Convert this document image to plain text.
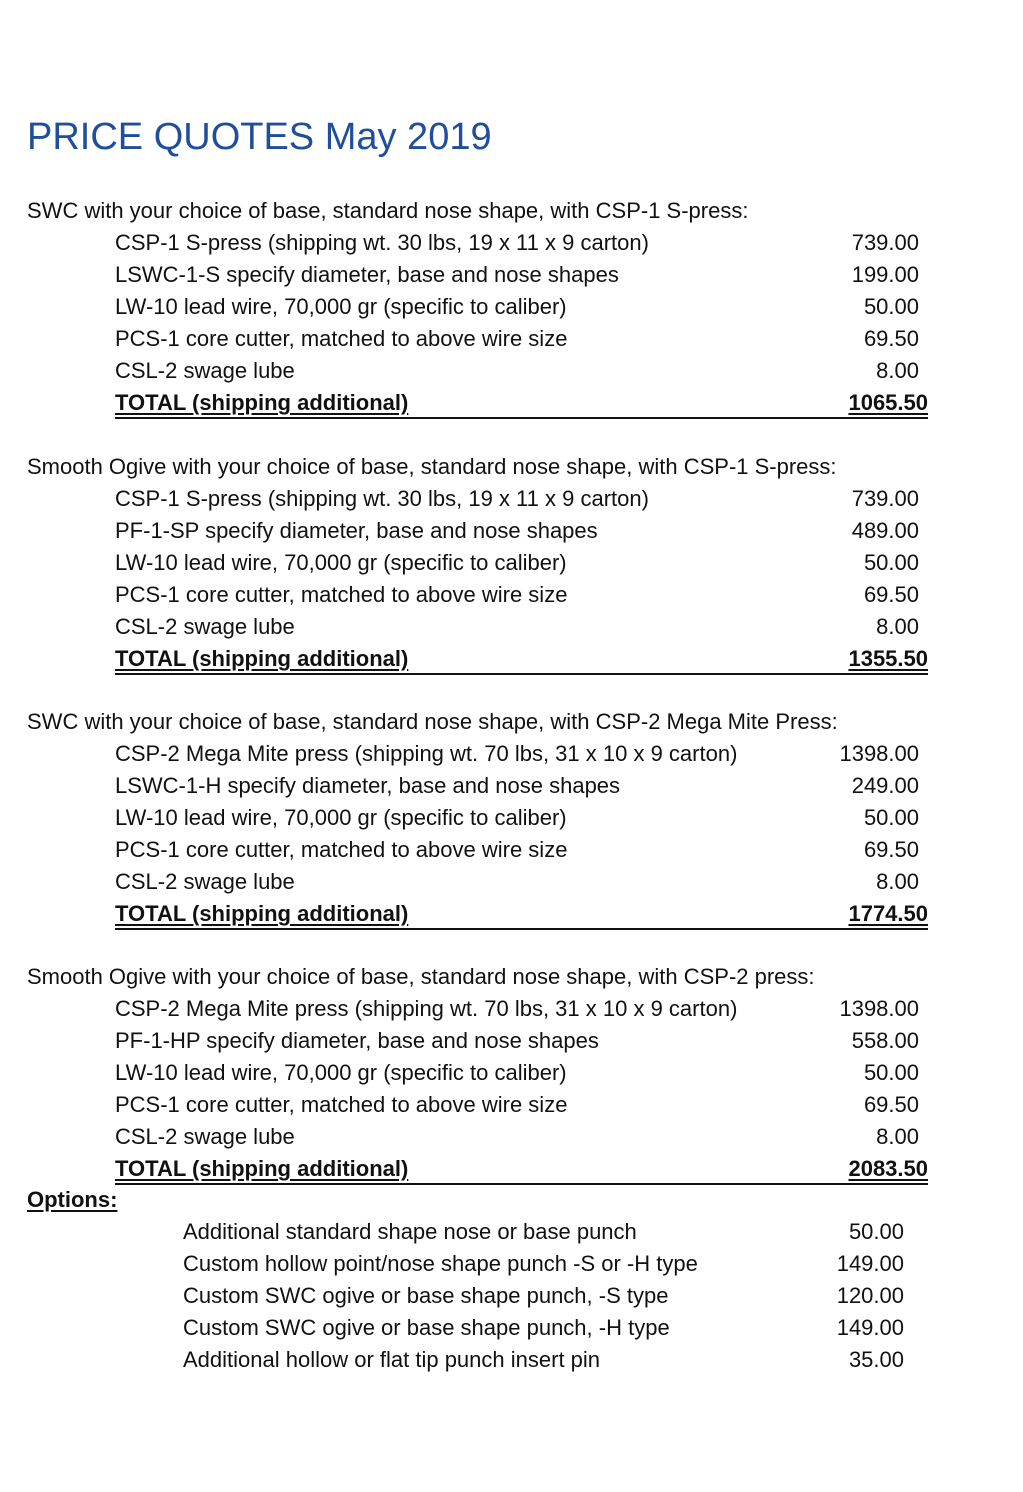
PRICE QUOTES May 2019
SWC with your choice of base, standard nose shape, with CSP-1 S-press:
CSP-1 S-press (shipping wt. 30 lbs, 19 x 11 x 9 carton)	739.00
LSWC-1-S specify diameter, base and nose shapes	199.00
LW-10 lead wire, 70,000 gr (specific to caliber)	50.00
PCS-1 core cutter, matched to above wire size	69.50
CSL-2 swage lube	8.00
TOTAL (shipping additional)	1065.50
Smooth Ogive with your choice of base, standard nose shape, with CSP-1 S-press:
CSP-1 S-press (shipping wt. 30 lbs, 19 x 11 x 9 carton)	739.00
PF-1-SP specify diameter, base and nose shapes	489.00
LW-10 lead wire, 70,000 gr (specific to caliber)	50.00
PCS-1 core cutter, matched to above wire size	69.50
CSL-2 swage lube	8.00
TOTAL (shipping additional)	1355.50
SWC with your choice of base, standard nose shape, with CSP-2 Mega Mite Press:
CSP-2 Mega Mite press (shipping wt. 70 lbs, 31 x 10 x 9 carton)	1398.00
LSWC-1-H specify diameter, base and nose shapes	249.00
LW-10 lead wire, 70,000 gr (specific to caliber)	50.00
PCS-1 core cutter, matched to above wire size	69.50
CSL-2 swage lube	8.00
TOTAL (shipping additional)	1774.50
Smooth Ogive with your choice of base, standard nose shape, with CSP-2 press:
CSP-2 Mega Mite press (shipping wt. 70 lbs, 31 x 10 x 9 carton)	1398.00
PF-1-HP specify diameter, base and nose shapes	558.00
LW-10 lead wire, 70,000 gr (specific to caliber)	50.00
PCS-1 core cutter, matched to above wire size	69.50
CSL-2 swage lube	8.00
TOTAL (shipping additional)	2083.50
Options:
Additional standard shape nose or base punch	50.00
Custom hollow point/nose shape punch -S or -H type	149.00
Custom SWC ogive or base shape punch, -S type	120.00
Custom SWC ogive or base shape punch, -H type	149.00
Additional hollow or flat tip punch insert pin	35.00
